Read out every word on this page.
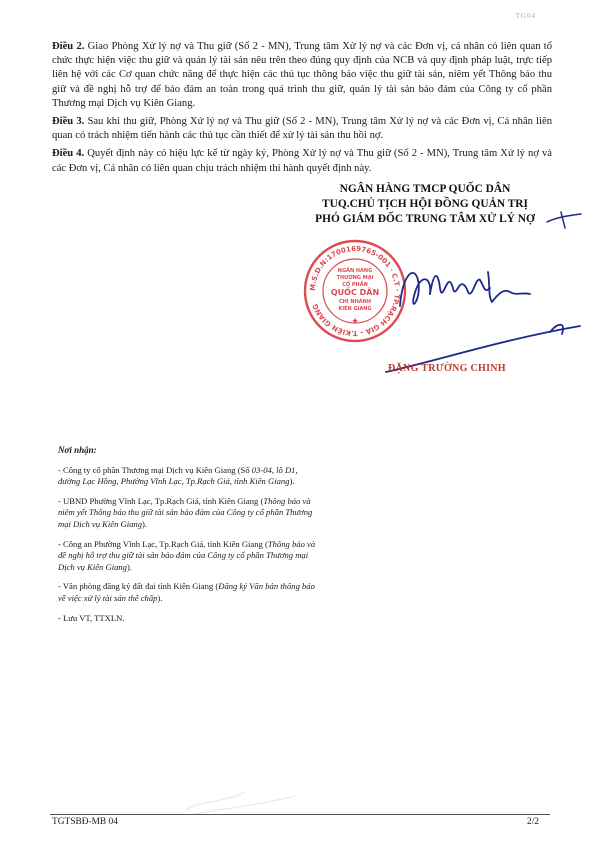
TG04

Điều 2. Giao Phòng Xử lý nợ và Thu giữ (Số 2 - MN), Trung tâm Xử lý nợ và các Đơn vị, cá nhân có liên quan tổ chức thực hiện việc thu giữ và quản lý tài sản nêu trên theo đúng quy định của NCB và quy định pháp luật, trực tiếp liên hệ với các Cơ quan chức năng để thực hiện các thủ tục thông báo việc thu giữ tài sản, niêm yết Thông báo thu giữ và đề nghị hỗ trợ để bảo đảm an toàn trong quá trình thu giữ, quản lý tài sản bảo đảm của Công ty cổ phần Thương mại Dịch vụ Kiên Giang.

Điều 3. Sau khi thu giữ, Phòng Xử lý nợ và Thu giữ (Số 2 - MN), Trung tâm Xử lý nợ và các Đơn vị, Cá nhân liên quan có trách nhiệm tiến hành các thủ tục cần thiết để xử lý tài sản thu hồi nợ.

Điều 4. Quyết định này có hiệu lực kể từ ngày ký, Phòng Xử lý nợ và Thu giữ (Số 2 - MN), Trung tâm Xử lý nợ và các Đơn vị, Cá nhân có liên quan chịu trách nhiệm thi hành quyết định này.

NGÂN HÀNG TMCP QUỐC DÂN
TUQ.CHỦ TỊCH HỘI ĐỒNG QUẢN TRỊ
PHÓ GIÁM ĐỐC TRUNG TÂM XỬ LÝ NỢ
M.S.D.N:1700169765-001 · C.T · TP.RẠCH GIÁ - T.KIÊN GIANG
NGÂN HÀNG
THƯƠNG MẠI
CỔ PHẦN
QUỐC DÂN
CHI NHÁNH
KIÊN GIANG
✦
ĐẶNG TRƯỜNG CHINH
Nơi nhận:
- Công ty cổ phần Thương mại Dịch vụ Kiên Giang (Số 03-04, lô D1, đường Lạc Hồng, Phường Vĩnh Lạc, Tp.Rạch Giá, tỉnh Kiên Giang).
- UBND Phường Vĩnh Lạc, Tp.Rạch Giá, tỉnh Kiên Giang (Thông báo và niêm yết Thông báo thu giữ tài sản bảo đảm của Công ty cổ phần Thương mại Dịch vụ Kiên Giang).
- Công an Phường Vĩnh Lạc, Tp.Rạch Giá, tỉnh Kiên Giang (Thông báo và đề nghị hỗ trợ thu giữ tài sản bảo đảm của Công ty cổ phần Thương mại Dịch vụ Kiên Giang).
- Văn phòng đăng ký đất đai tỉnh Kiên Giang (Đăng ký Văn bản thông báo về việc xử lý tài sản thế chấp).
- Lưu VT, TTXLN.
TGTSBĐ-MB 04	2/2
